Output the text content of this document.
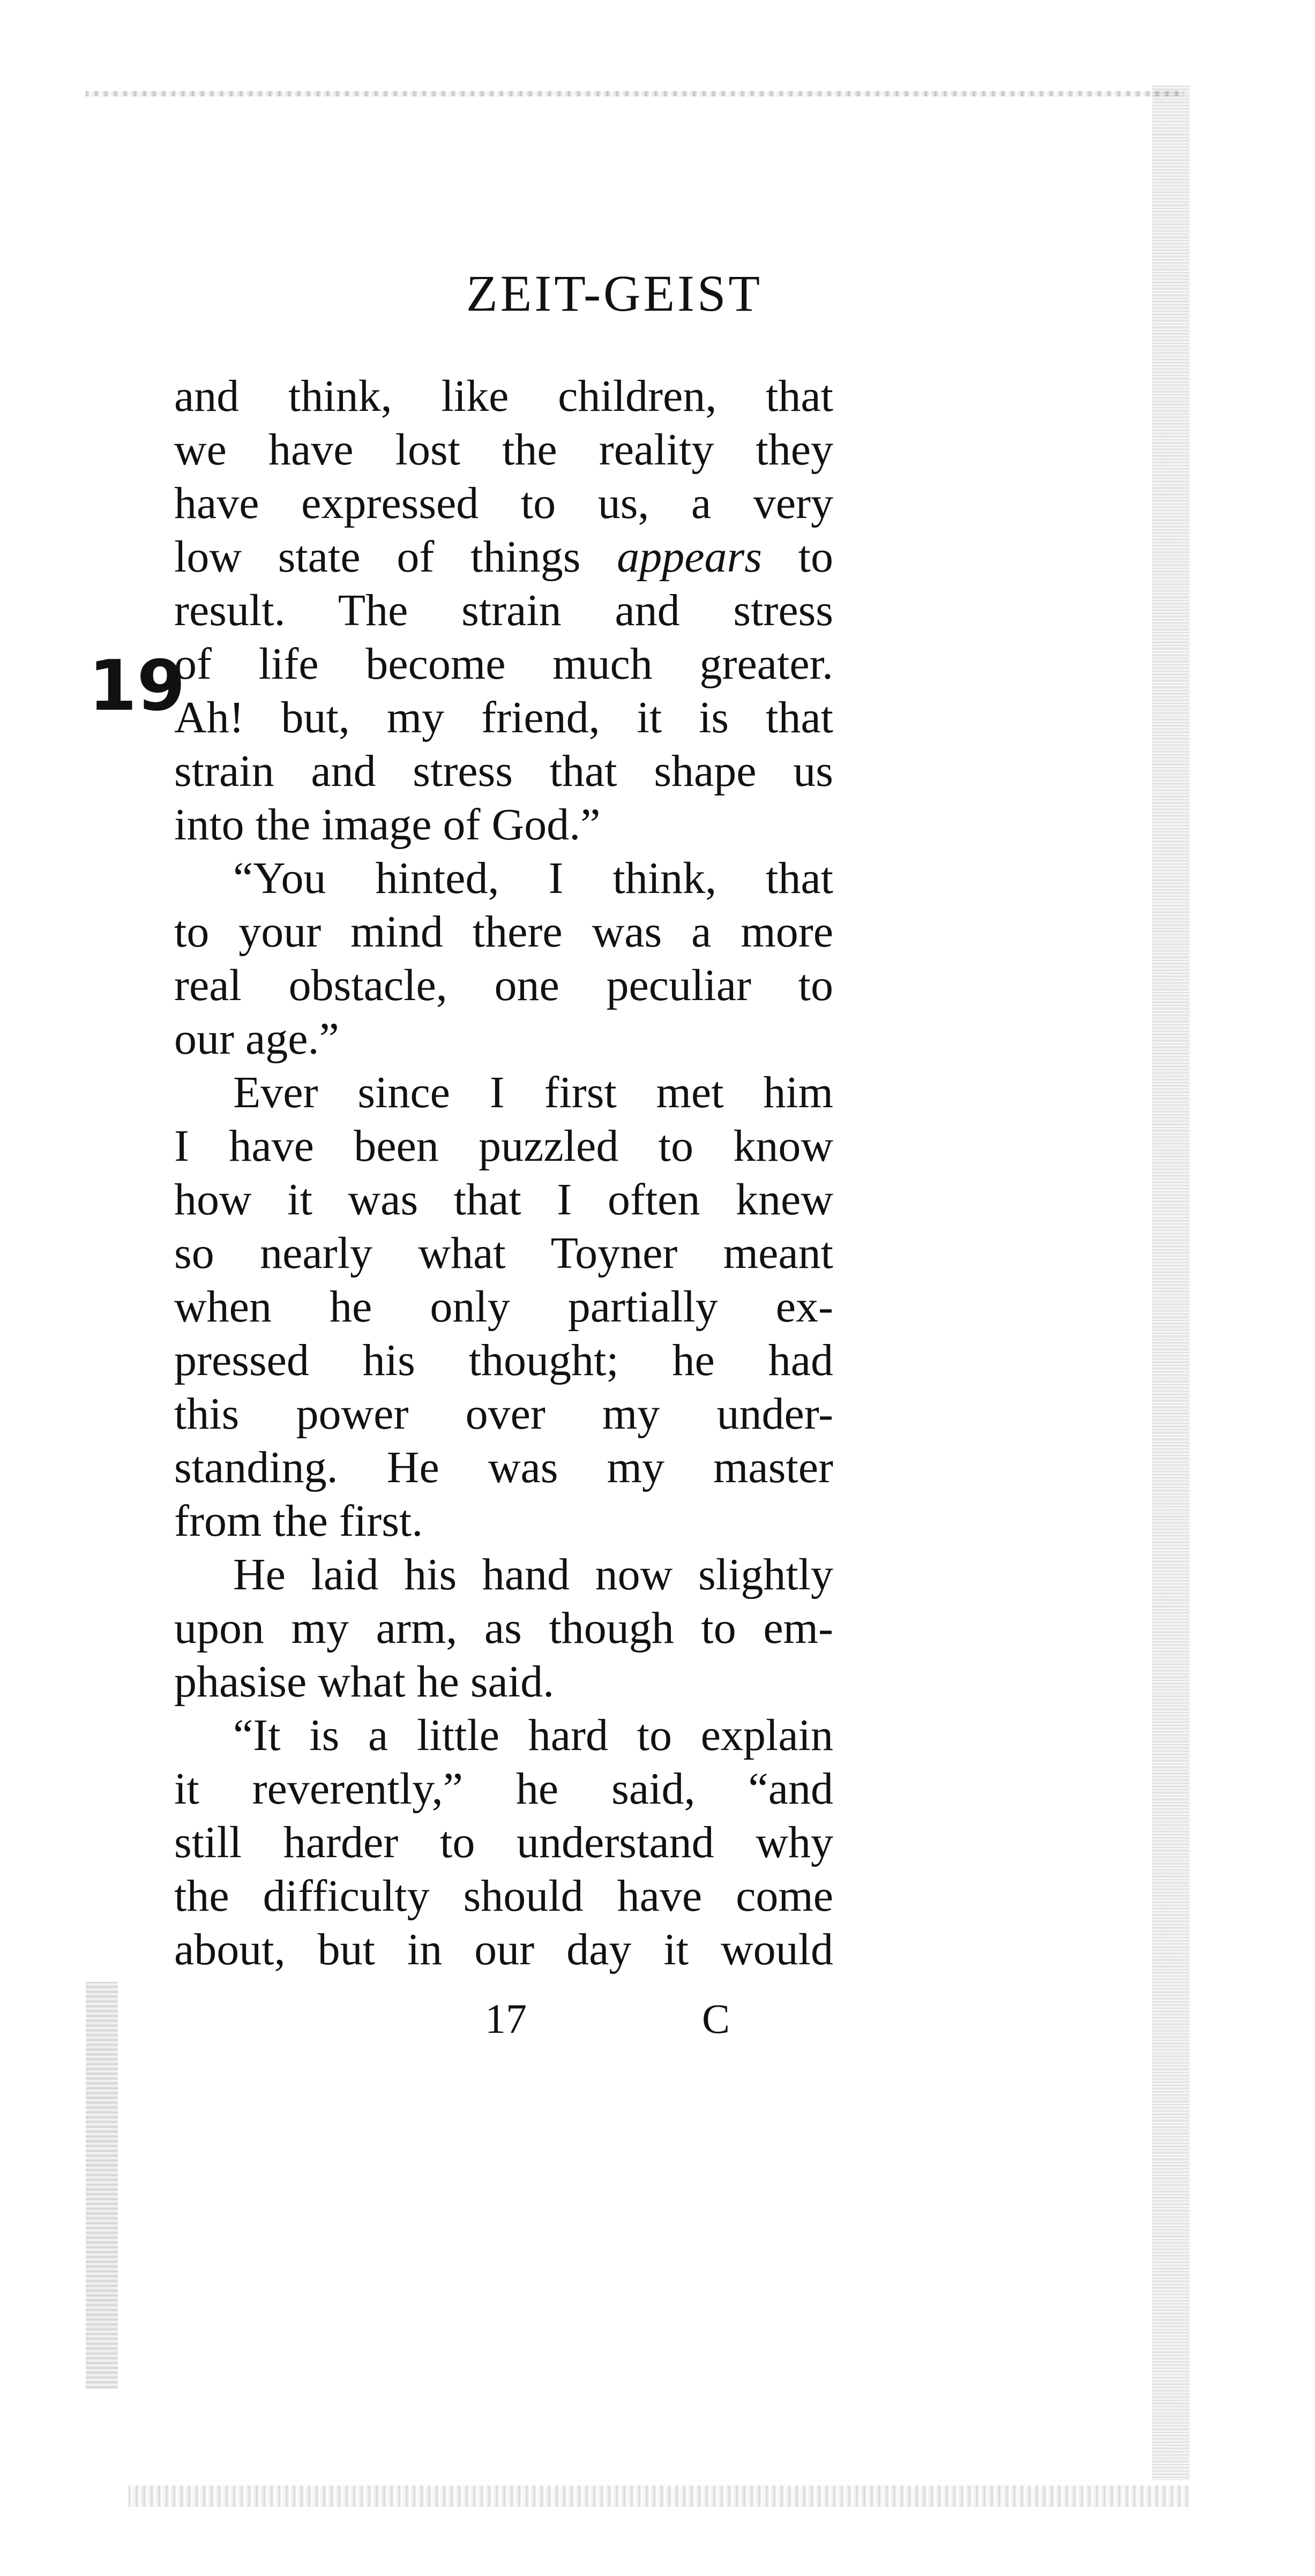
ZEIT-GEIST
19
and think, like children, that
we have lost the reality they
have expressed to us, a very
low state of things appears to
result. The strain and stress
of life become much greater.
Ah! but, my friend, it is that
strain and stress that shape us
into the image of God.”
“You hinted, I think, that
to your mind there was a more
real obstacle, one peculiar to
our age.”
Ever since I first met him
I have been puzzled to know
how it was that I often knew
so nearly what Toyner meant
when he only partially ex-
pressed his thought; he had
this power over my under-
standing. He was my master
from the first.
He laid his hand now slightly
upon my arm, as though to em-
phasise what he said.
“It is a little hard to explain
it reverently,” he said, “and
still harder to understand why
the difficulty should have come
about, but in our day it would
17	C
